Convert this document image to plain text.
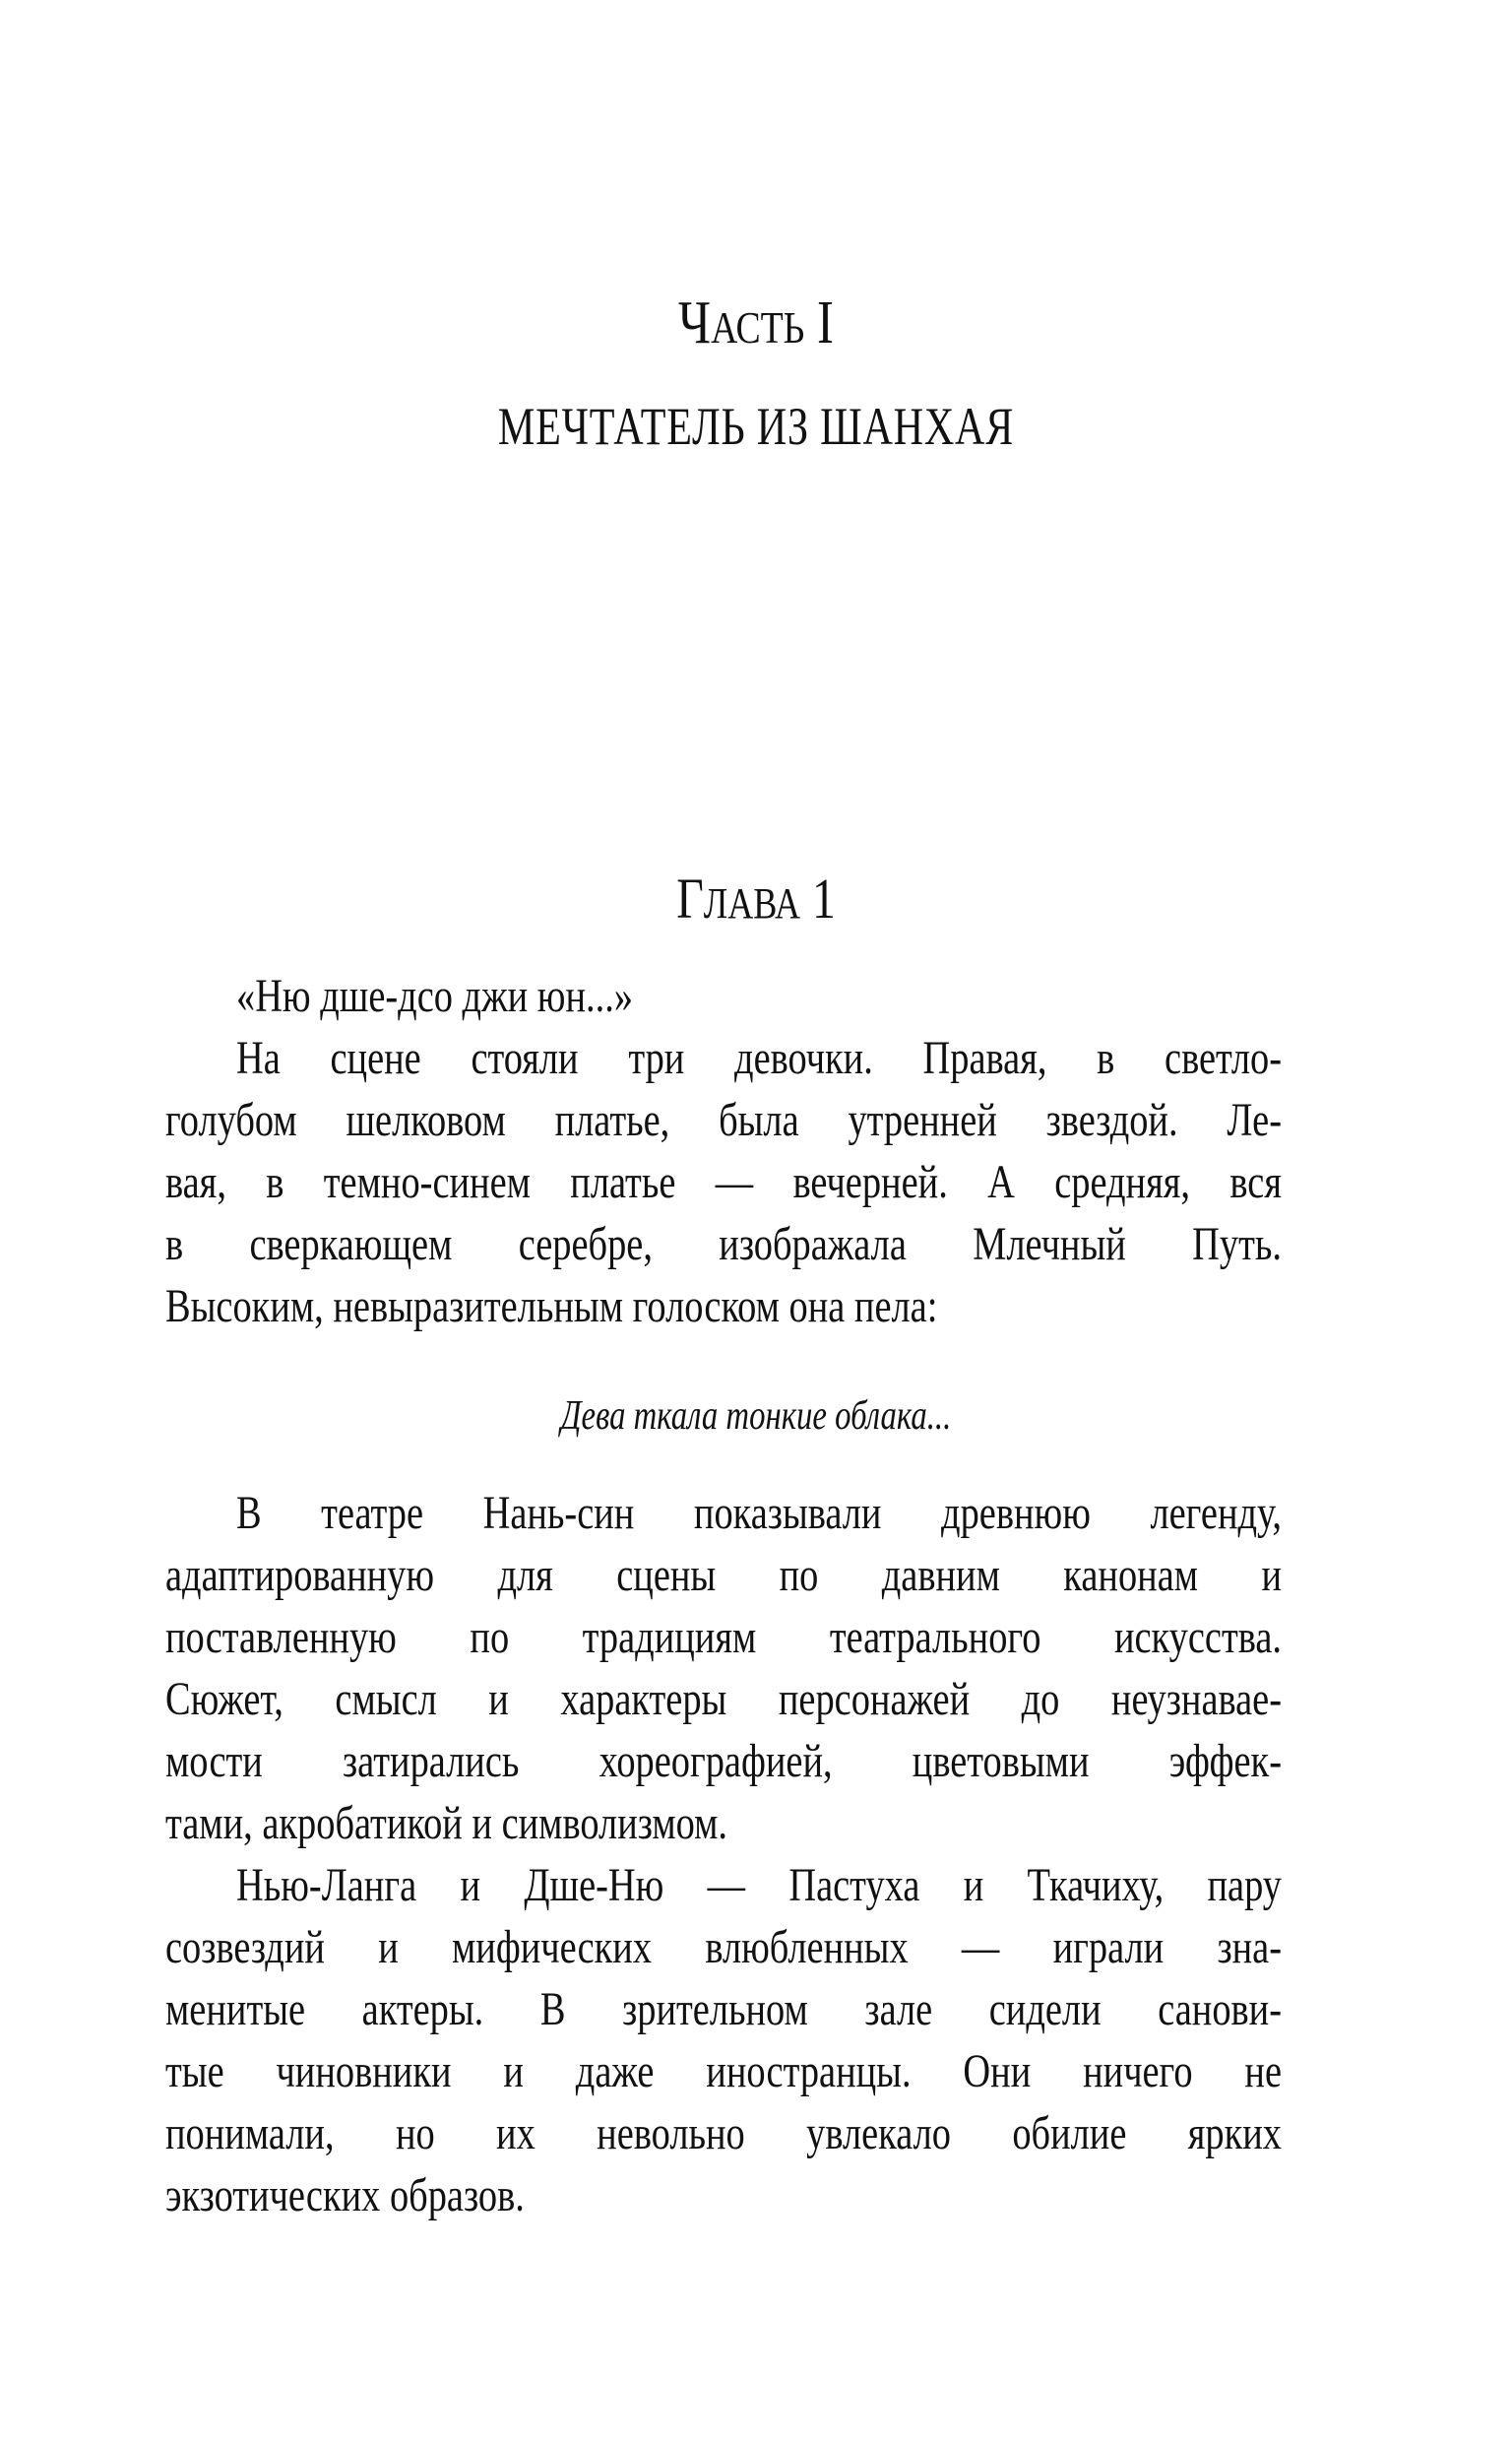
ЧАСТЬ I
МЕЧТАТЕЛЬ ИЗ ШАНХАЯ
ГЛАВА 1
«Ню дше-дсо джи юн...»
На сцене стояли три девочки. Правая, в светло-
голубом шелковом платье, была утренней звездой. Ле-
вая, в темно-синем платье — вечерней. А средняя, вся
в сверкающем серебре, изображала Млечный Путь.
Высоким, невыразительным голоском она пела:
Дева ткала тонкие облака...
В театре Нань-син показывали древнюю легенду,
адаптированную для сцены по давним канонам и
поставленную по традициям театрального искусства.
Сюжет, смысл и характеры персонажей до неузнавае-
мости затирались хореографией, цветовыми эффек-
тами, акробатикой и символизмом.
Нью-Ланга и Дше-Ню — Пастуха и Ткачиху, пару
созвездий и мифических влюбленных — играли зна-
менитые актеры. В зрительном зале сидели санови-
тые чиновники и даже иностранцы. Они ничего не
понимали, но их невольно увлекало обилие ярких
экзотических образов.
